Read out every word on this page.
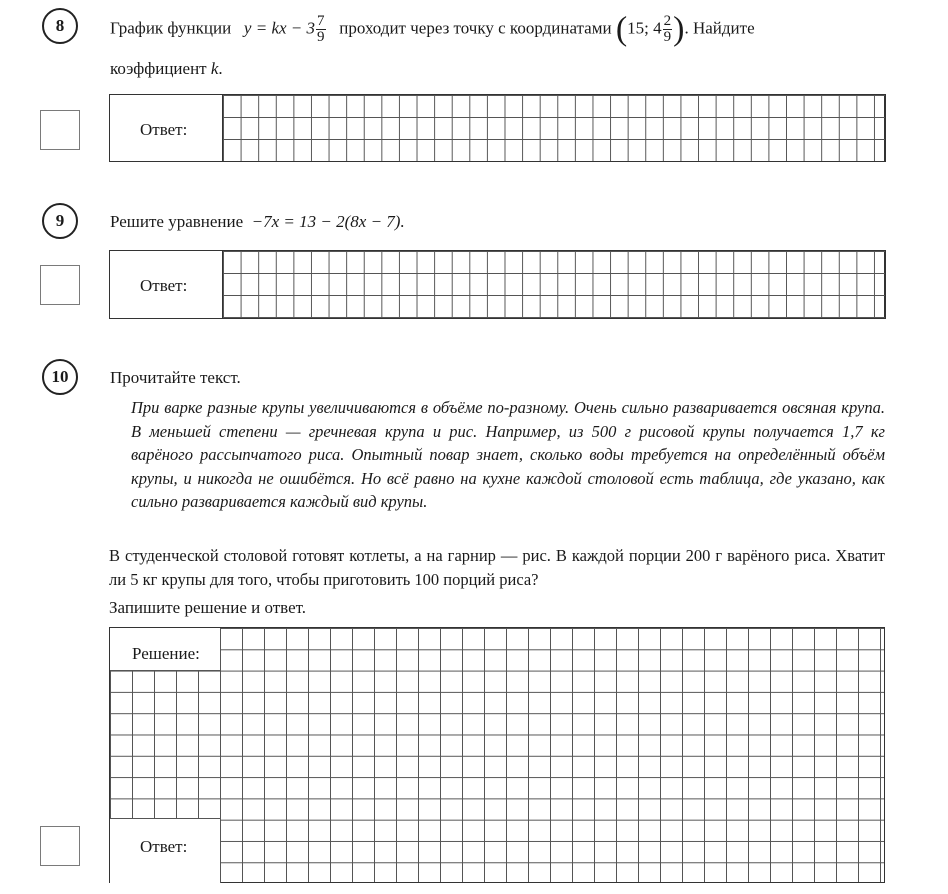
8	График функции y = kx − $3 \frac{7}{9}$ проходит через точку с координатами (15; $4 \frac{2}{9}$ ). Найдите
коэффициент k.
Ответ:
9	Решите уравнение −7x = 13 − 2(8x − 7).
Ответ:
10	Прочитайте текст.
При варке разные крупы увеличиваются в объёме по-разному. Очень сильно разваривается овсяная крупа. В меньшей степени — гречневая крупа и рис. Например, из 500 г рисовой крупы получается 1,7 кг варёного рассыпчатого риса. Опытный повар знает, сколько воды требуется на определённый объём крупы, и никогда не ошибётся. Но всё равно на кухне каждой столовой есть таблица, где указано, как сильно разваривается каждый вид крупы.
В студенческой столовой готовят котлеты, а на гарнир — рис. В каждой порции 200 г варёного риса. Хватит ли 5 кг крупы для того, чтобы приготовить 100 порций риса?
Запишите решение и ответ.
Решение:
Ответ:
